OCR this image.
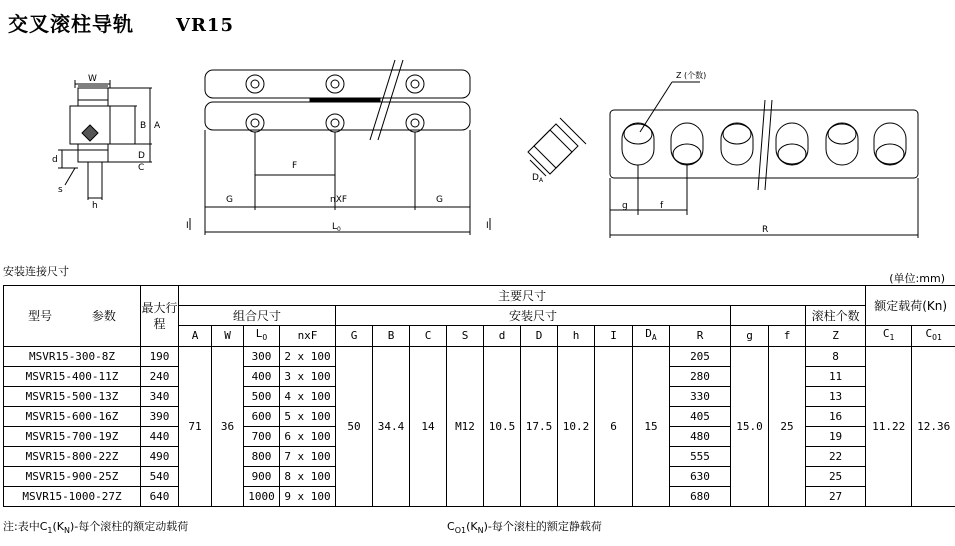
交叉滚柱导轨 VR15
W
B A
d	D
C
s
h
F
G	nXF	G
$L_0$
I	I
$D_A$
Z (个数)
g	f
R
安装连接尺寸
(单位:mm)
型号 参数	最大行程	主要尺寸																	额定载荷(Kn)	
		组合尺寸				安装尺寸												滚柱个数		
		A	W	$L_O$	nxF	G	B	C	S	d	D	h	I	$D_A$	R	g	f	Z	$C_1$	$C_{O1}$
MSVR15-300-8Z	190	71	36	300	2 x 100	50	34.4	14	M12	10.5	17.5	10.2	6	15	205	15.0	25	8	11.22	12.36
MSVR15-400-11Z	240			400	3 x 100										280			11		
MSVR15-500-13Z	340			500	4 x 100										330			13		
MSVR15-600-16Z	390			600	5 x 100										405			16		
MSVR15-700-19Z	440			700	6 x 100										480			19		
MSVR15-800-22Z	490			800	7 x 100										555			22		
MSVR15-900-25Z	540			900	8 x 100										630			25		
MSVR15-1000-27Z	640			1000	9 x 100										680			27		
注:表中$C_1(K_N)-$每个滚柱的额定动载荷	$C_{O1}(K_N)-$每个滚柱的额定静载荷
